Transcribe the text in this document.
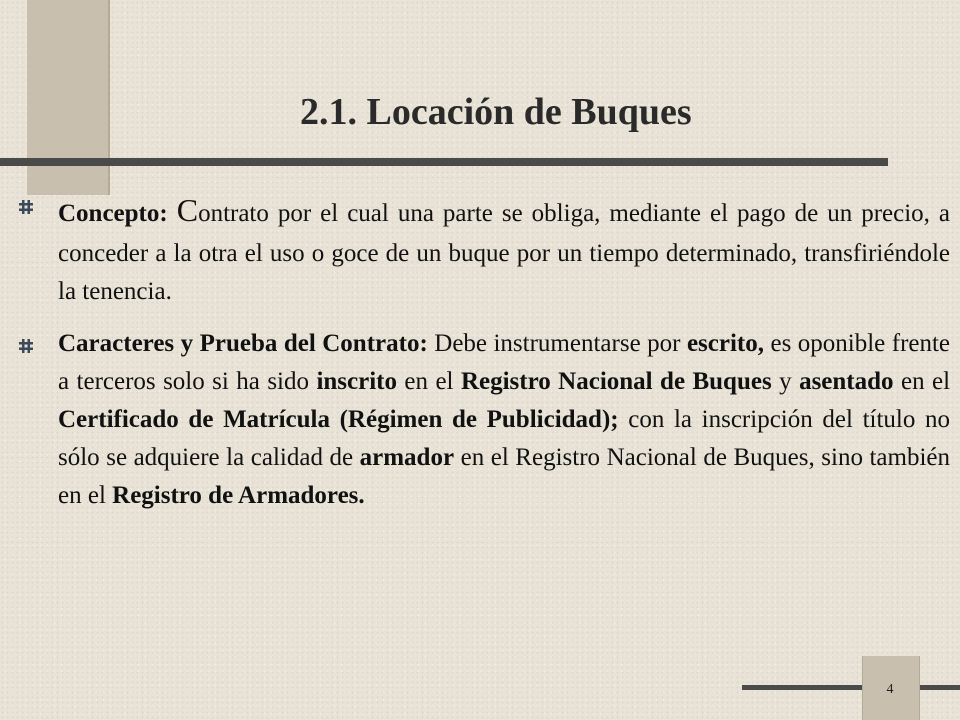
2.1. Locación de Buques

Concepto: Contrato por el cual una parte se obliga, mediante el pago de un precio, a conceder a la otra el uso o goce de un buque por un tiempo determinado, transfiriéndole la tenencia.

Caracteres y Prueba del Contrato: Debe instrumentarse por escrito, es oponible frente a terceros solo si ha sido inscrito en el Registro Nacional de Buques y asentado en el Certificado de Matrícula (Régimen de Publicidad); con la inscripción del título no sólo se adquiere la calidad de armador en el Registro Nacional de Buques, sino también en el Registro de Armadores.

4
